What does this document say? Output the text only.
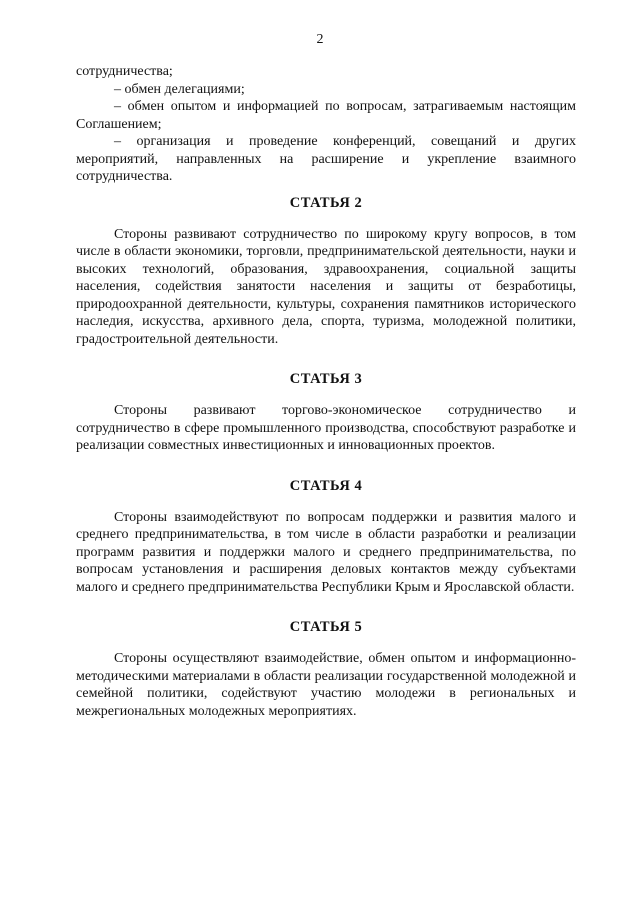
2

сотрудничества;

– обмен делегациями;

– обмен опытом и информацией по вопросам, затрагиваемым настоящим Соглашением;

– организация и проведение конференций, совещаний и других мероприятий, направленных на расширение и укрепление взаимного сотрудничества.

СТАТЬЯ 2

Стороны развивают сотрудничество по широкому кругу вопросов, в том числе в области экономики, торговли, предпринимательской деятельности, науки и высоких технологий, образования, здравоохранения, социальной защиты населения, содействия занятости населения и защиты от безработицы, природоохранной деятельности, культуры, сохранения памятников исторического наследия, искусства, архивного дела, спорта, туризма, молодежной политики, градостроительной деятельности.

СТАТЬЯ 3

Стороны развивают торгово-экономическое сотрудничество и сотрудничество в сфере промышленного производства, способствуют разработке и реализации совместных инвестиционных и инновационных проектов.

СТАТЬЯ 4

Стороны взаимодействуют по вопросам поддержки и развития малого и среднего предпринимательства, в том числе в области разработки и реализации программ развития и поддержки малого и среднего предпринимательства, по вопросам установления и расширения деловых контактов между субъектами малого и среднего предпринимательства Республики Крым и Ярославской области.

СТАТЬЯ 5

Стороны осуществляют взаимодействие, обмен опытом и информационно-методическими материалами в области реализации государственной молодежной и семейной политики, содействуют участию молодежи в региональных и межрегиональных молодежных мероприятиях.
